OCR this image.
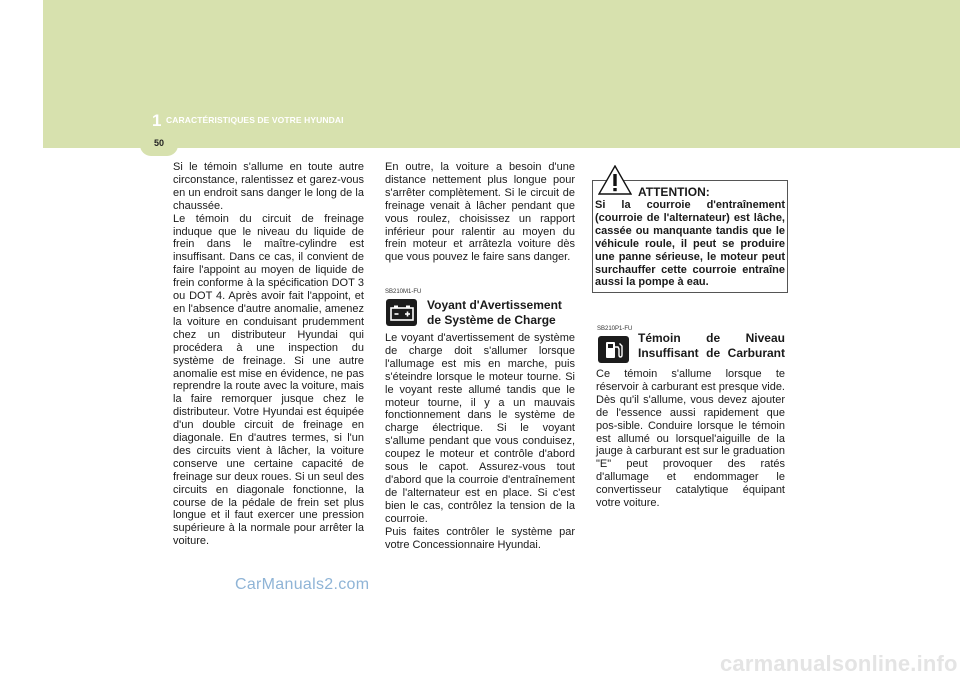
1 CARACTÉRISTIQUES DE VOTRE HYUNDAI
50

Si le témoin s'allume en toute autre circonstance, ralentissez et garez-vous en un endroit sans danger le long de la chaussée.

Le témoin du circuit de freinage induque que le niveau du liquide de frein dans le maître-cylindre est insuffisant. Dans ce cas, il convient de faire l'appoint au moyen de liquide de frein conforme à la spécification DOT 3 ou DOT 4. Après avoir fait l'appoint, et en l'absence d'autre anomalie, amenez la voiture en conduisant prudemment chez un distributeur Hyundai qui procédera à une inspection du système de freinage. Si une autre anomalie est mise en évidence, ne pas reprendre la route avec la voiture, mais la faire remorquer jusque chez le distributeur. Votre Hyundai est équipée d'un double circuit de freinage en diagonale. En d'autres termes, si l'un des circuits vient à lâcher, la voiture conserve une certaine capacité de freinage sur deux roues. Si un seul des circuits en diagonale fonctionne, la course de la pédale de frein set plus longue et il faut exercer une pression supérieure à la normale pour arrêter la voiture.

En outre, la voiture a besoin d'une distance nettement plus longue pour s'arrêter complètement. Si le circuit de freinage venait à lâcher pendant que vous roulez, choisissez un rapport inférieur pour ralentir au moyen du frein moteur et arrâtezla voiture dès que vous pouvez le faire sans danger.
SB210M1-FU
Voyant d'Avertissement de Système de Charge

Le voyant d'avertissement de système de charge doit s'allumer lorsque l'allumage est mis en marche, puis s'éteindre lorsque le moteur tourne. Si le voyant reste allumé tandis que le moteur tourne, il y a un mauvais fonctionnement dans le système de charge électrique. Si le voyant s'allume pendant que vous conduisez, coupez le moteur et contrôle d'abord sous le capot. Assurez-vous tout d'abord que la courroie d'entraînement de l'alternateur est en place. Si c'est bien le cas, contrôlez la tension de la courroie.

Puis faites contrôler le système par votre Concessionnaire Hyundai.

ATTENTION:
Si la courroie d'entraînement (courroie de l'alternateur) est lâche, cassée ou manquante tandis que le véhicule roule, il peut se produire une panne sérieuse, le moteur peut surchauffer cette courroie entraîne aussi la pompe à eau.
SB210P1-FU
Témoin de Niveau Insuffisant de Carburant
Ce témoin s'allume lorsque te réservoir à carburant est presque vide. Dès qu'il s'allume, vous devez ajouter de l'essence aussi rapidement que pos-sible. Conduire lorsque le témoin est allumé ou lorsquel'aiguille de la jauge à carburant est sur le graduation "E" peut provoquer des ratés d'allumage et endommager le convertisseur catalytique équipant votre voiture.
CarManuals2.com
carmanualsonline.info
